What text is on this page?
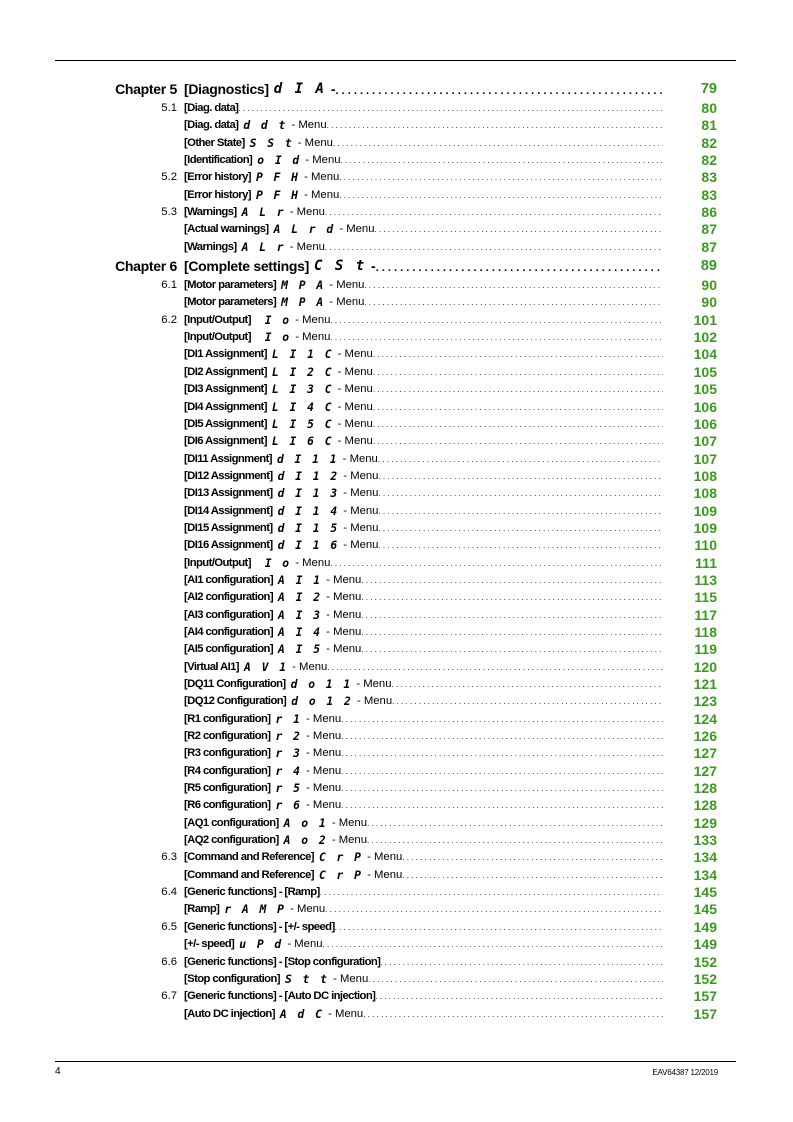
Chapter 5 [Diagnostics] d I A - . . .	79
5.1 [Diag. data] . . .	80
[Diag. data] d d t - Menu . . .	81
[Other State] S S t - Menu . . .	82
[Identification] o I d - Menu . . .	82
5.2 [Error history] P F H - Menu . . .	83
[Error history] P F H - Menu . . .	83
5.3 [Warnings] A L r - Menu . . .	86
[Actual warnings] A L r d - Menu . . .	87
[Warnings] A L r - Menu . . .	87
Chapter 6 [Complete settings] C S t - . . .	89
6.1 [Motor parameters] M P A - Menu . . .	90
[Motor parameters] M P A - Menu . . .	90
6.2 [Input/Output] I o - Menu . . .	101
[Input/Output] I o - Menu . . .	102
[DI1 Assignment] L I 1 C - Menu . . .	104
[DI2 Assignment] L I 2 C - Menu . . .	105
[DI3 Assignment] L I 3 C - Menu . . .	105
[DI4 Assignment] L I 4 C - Menu . . .	106
[DI5 Assignment] L I 5 C - Menu . . .	106
[DI6 Assignment] L I 6 C - Menu . . .	107
[DI11 Assignment] d I 1 1 - Menu . . .	107
[DI12 Assignment] d I 1 2 - Menu . . .	108
[DI13 Assignment] d I 1 3 - Menu . . .	108
[DI14 Assignment] d I 1 4 - Menu . . .	109
[DI15 Assignment] d I 1 5 - Menu . . .	109
[DI16 Assignment] d I 1 6 - Menu . . .	110
[Input/Output] I o - Menu . . .	111
[AI1 configuration] A I 1 - Menu . . .	113
[AI2 configuration] A I 2 - Menu . . .	115
[AI3 configuration] A I 3 - Menu . . .	117
[AI4 configuration] A I 4 - Menu . . .	118
[AI5 configuration] A I 5 - Menu . . .	119
[Virtual AI1] A V 1 - Menu . . .	120
[DQ11 Configuration] d o 1 1 - Menu . . .	121
[DQ12 Configuration] d o 1 2 - Menu . . .	123
[R1 configuration] r 1 - Menu . . .	124
[R2 configuration] r 2 - Menu . . .	126
[R3 configuration] r 3 - Menu . . .	127
[R4 configuration] r 4 - Menu . . .	127
[R5 configuration] r 5 - Menu . . .	128
[R6 configuration] r 6 - Menu . . .	128
[AQ1 configuration] A o 1 - Menu . . .	129
[AQ2 configuration] A o 2 - Menu . . .	133
6.3 [Command and Reference] C r P - Menu . . .	134
[Command and Reference] C r P - Menu . . .	134
6.4 [Generic functions] - [Ramp] . . .	145
[Ramp] r A M P - Menu . . .	145
6.5 [Generic functions] - [+/- speed] . . .	149
[+/- speed] u P d - Menu . . .	149
6.6 [Generic functions] - [Stop configuration] . . .	152
[Stop configuration] S t t - Menu . . .	152
6.7 [Generic functions] - [Auto DC injection] . . .	157
[Auto DC injection] A d C - Menu . . .	157
4	EAV64387 12/2019
